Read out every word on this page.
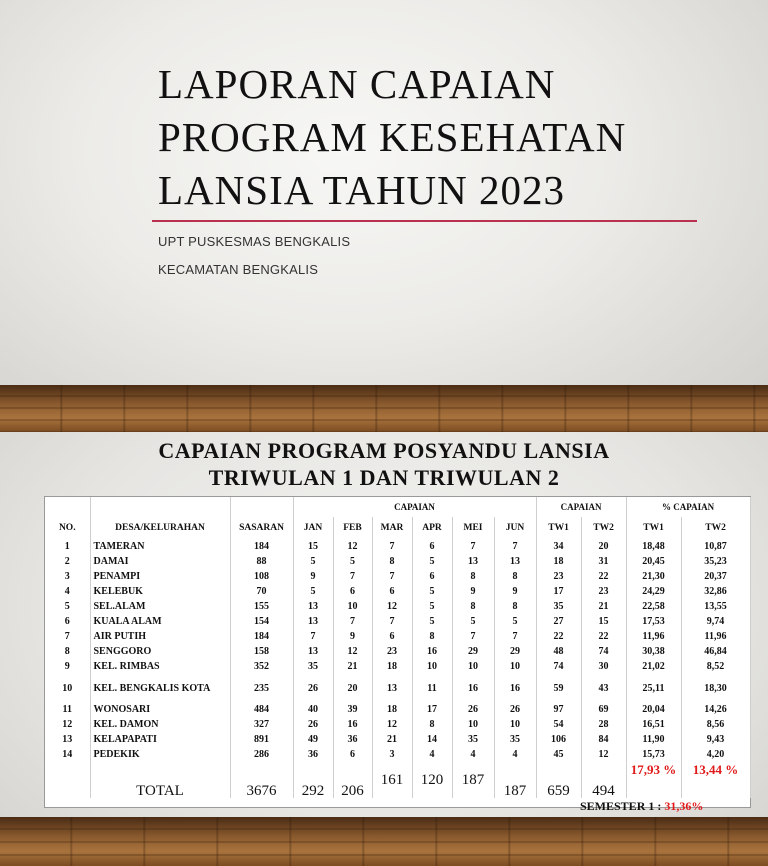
LAPORAN CAPAIAN
PROGRAM KESEHATAN
LANSIA TAHUN 2023
UPT PUSKESMAS BENGKALIS
KECAMATAN BENGKALIS
CAPAIAN PROGRAM POSYANDU LANSIA
TRIWULAN 1 DAN TRIWULAN 2
			CAPAIAN						CAPAIAN		% CAPAIAN	
NO.	DESA/KELURAHAN	SASARAN	JAN	FEB	MAR	APR	MEI	JUN	TW1	TW2	TW1	TW2
1	TAMERAN	184	15	12	7	6	7	7	34	20	18,48	10,87
2	DAMAI	88	5	5	8	5	13	13	18	31	20,45	35,23
3	PENAMPI	108	9	7	7	6	8	8	23	22	21,30	20,37
4	KELEBUK	70	5	6	6	5	9	9	17	23	24,29	32,86
5	SEL.ALAM	155	13	10	12	5	8	8	35	21	22,58	13,55
6	KUALA ALAM	154	13	7	7	5	5	5	27	15	17,53	9,74
7	AIR PUTIH	184	7	9	6	8	7	7	22	22	11,96	11,96
8	SENGGORO	158	13	12	23	16	29	29	48	74	30,38	46,84
9	KEL. RIMBAS	352	35	21	18	10	10	10	74	30	21,02	8,52
10	KEL. BENGKALIS KOTA	235	26	20	13	11	16	16	59	43	25,11	18,30
11	WONOSARI	484	40	39	18	17	26	26	97	69	20,04	14,26
12	KEL. DAMON	327	26	16	12	8	10	10	54	28	16,51	8,56
13	KELAPAPATI	891	49	36	21	14	35	35	106	84	11,90	9,43
14	PEDEKIK	286	36	6	3	4	4	4	45	12	15,73	4,20
	TOTAL	3676	292	206	161	120	187	187	659	494	17,93 %	13,44 %
SEMESTER 1 : 31,36%
